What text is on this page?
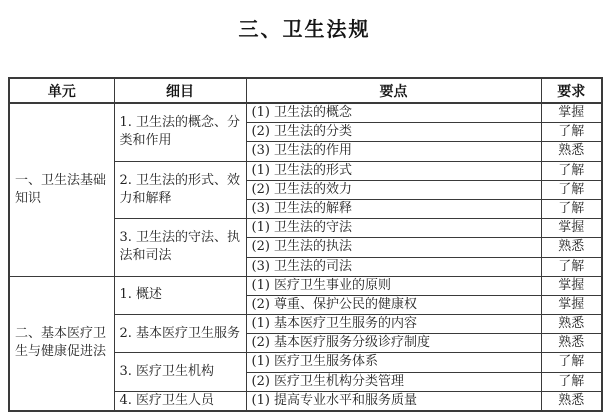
三、卫生法规
单元	细目	要点	要求
一、卫生法基础知识	1. 卫生法的概念、分类和作用	(1) 卫生法的概念	掌握
		(2) 卫生法的分类	了解
		(3) 卫生法的作用	熟悉
	2. 卫生法的形式、效力和解释	(1) 卫生法的形式	了解
		(2) 卫生法的效力	了解
		(3) 卫生法的解释	了解
	3. 卫生法的守法、执法和司法	(1) 卫生法的守法	掌握
		(2) 卫生法的执法	熟悉
		(3) 卫生法的司法	了解
二、基本医疗卫生与健康促进法	1. 概述	(1) 医疗卫生事业的原则	掌握
		(2) 尊重、保护公民的健康权	掌握
	2. 基本医疗卫生服务	(1) 基本医疗卫生服务的内容	熟悉
		(2) 基本医疗服务分级诊疗制度	熟悉
	3. 医疗卫生机构	(1) 医疗卫生服务体系	了解
		(2) 医疗卫生机构分类管理	了解
	4. 医疗卫生人员	(1) 提高专业水平和服务质量	熟悉
